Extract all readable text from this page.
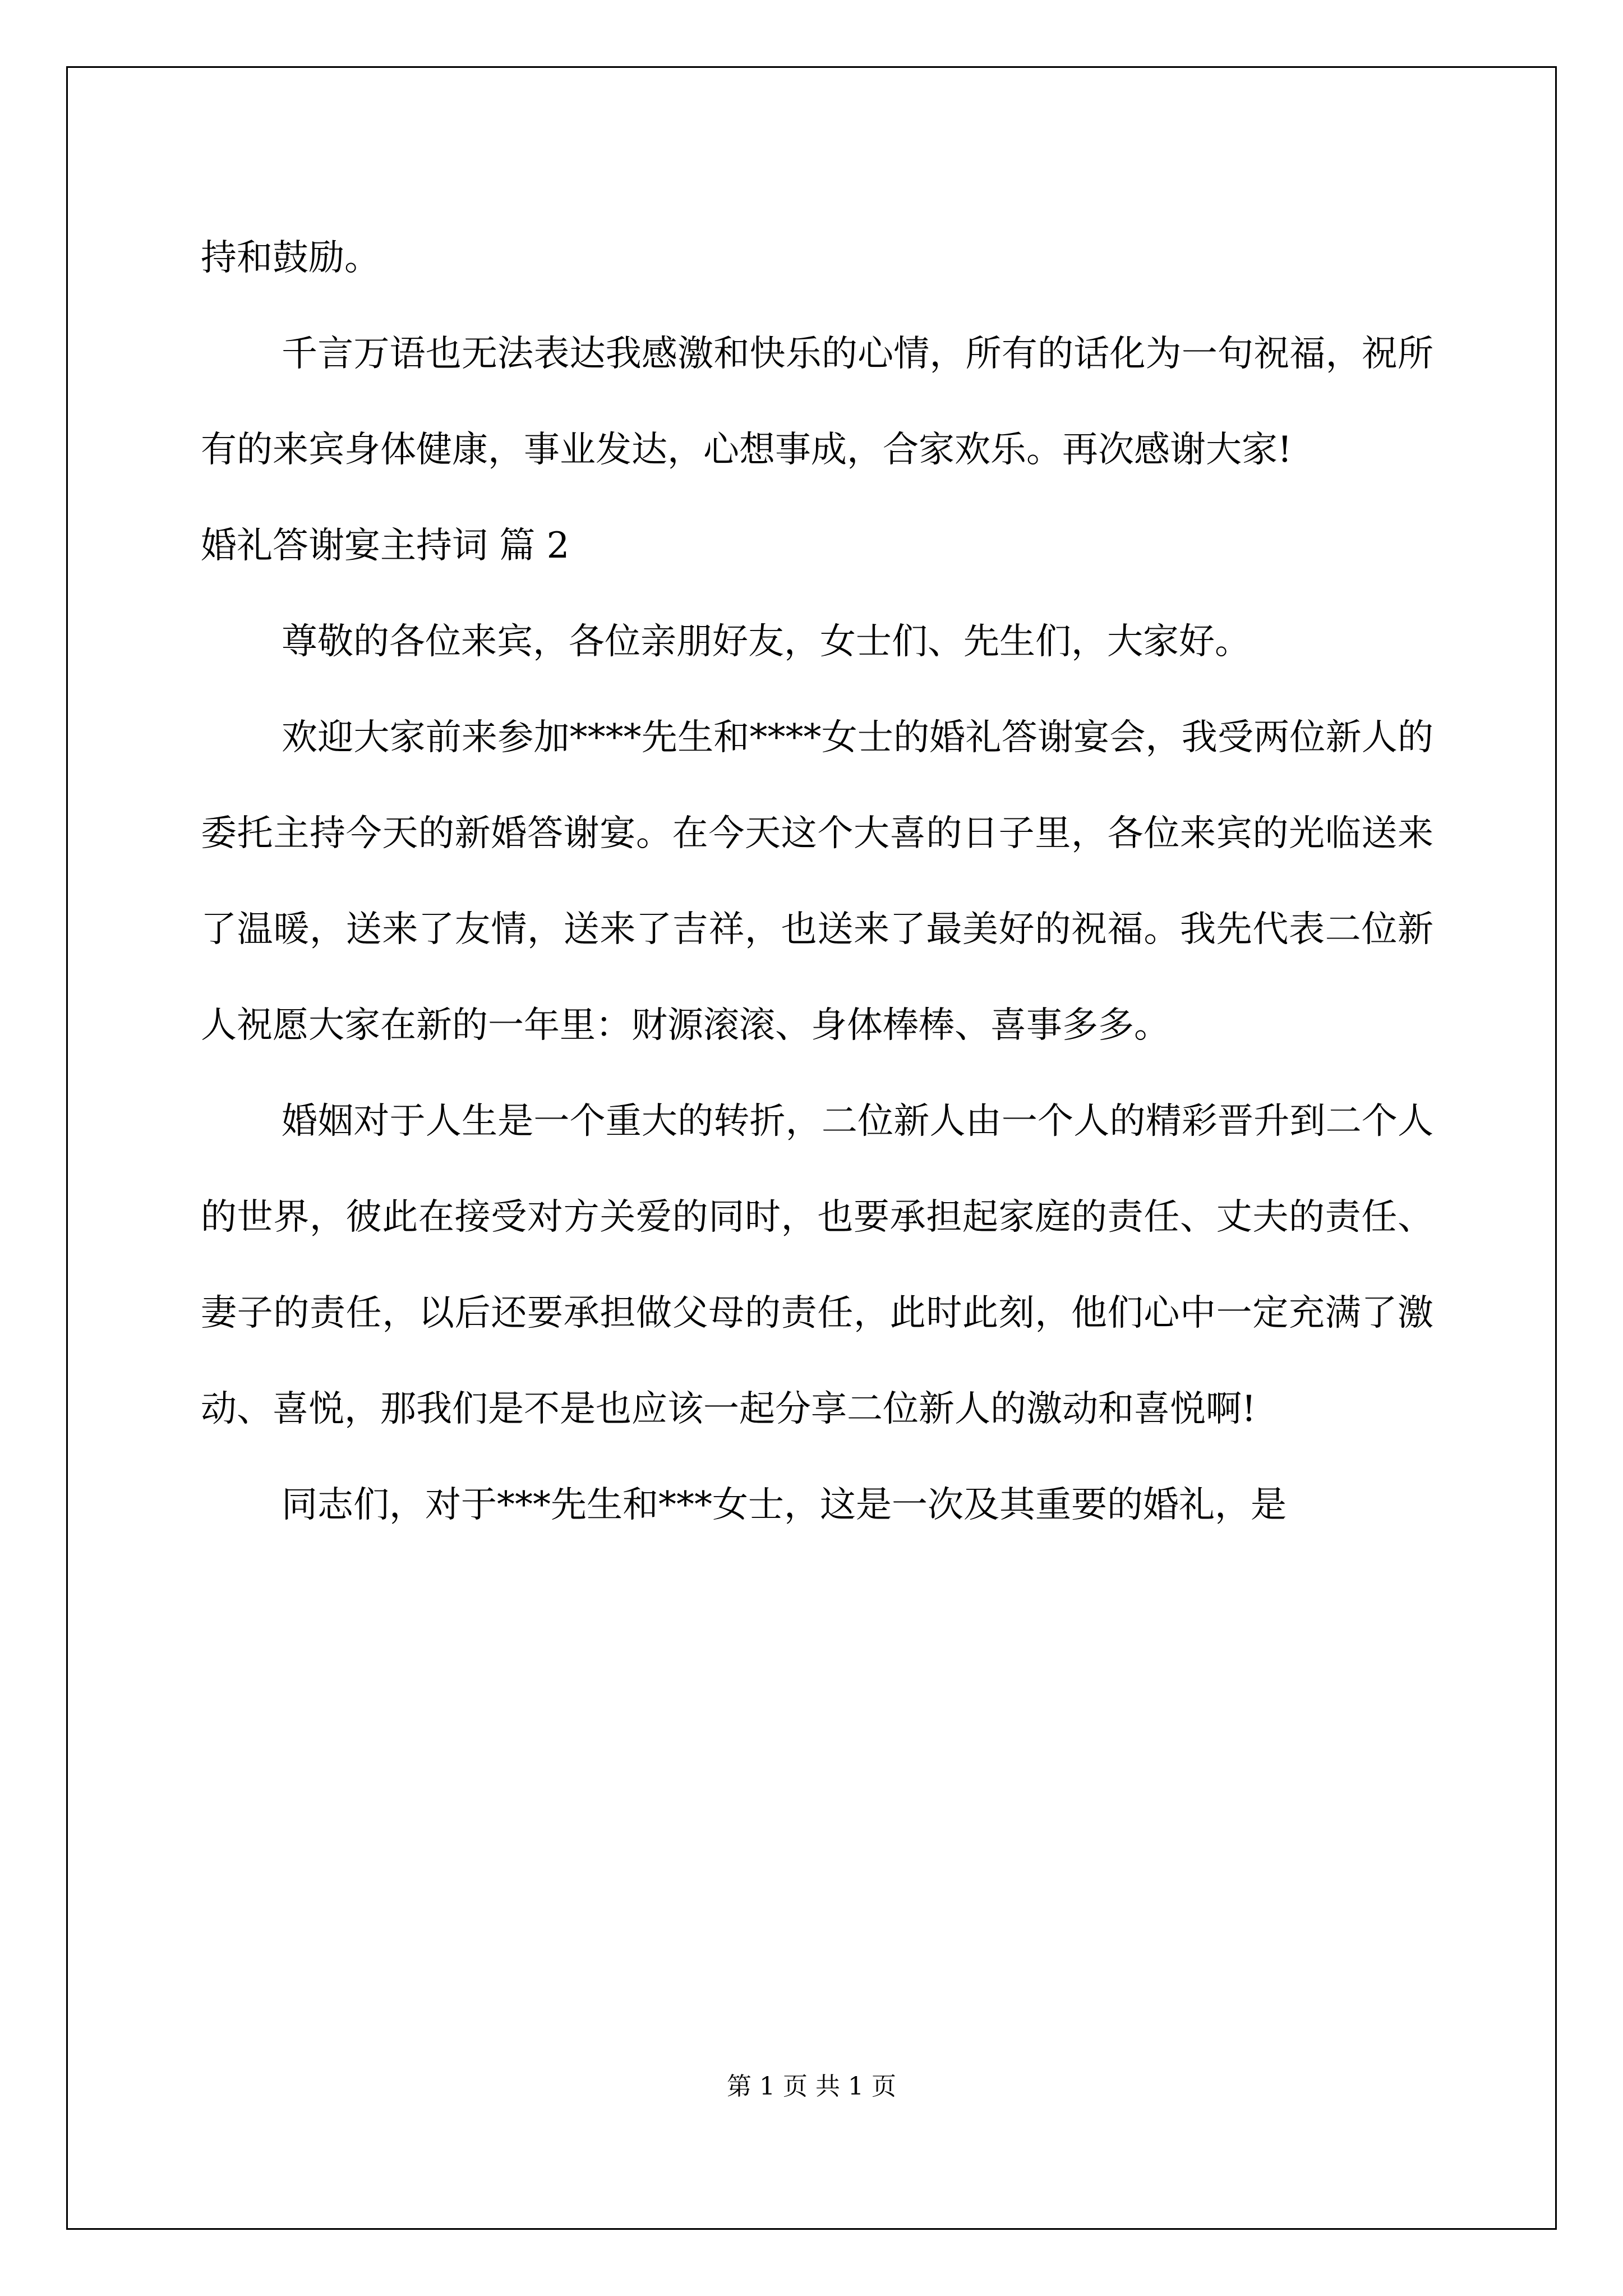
持和鼓励。

千言万语也无法表达我感激和快乐的心情，所有的话化为一句祝福，祝所有的来宾身体健康，事业发达，心想事成，合家欢乐。再次感谢大家!

婚礼答谢宴主持词 篇 2

尊敬的各位来宾，各位亲朋好友，女士们、先生们，大家好。

欢迎大家前来参加****先生和****女士的婚礼答谢宴会，我受两位新人的委托主持今天的新婚答谢宴。在今天这个大喜的日子里，各位来宾的光临送来了温暖，送来了友情，送来了吉祥，也送来了最美好的祝福。我先代表二位新人祝愿大家在新的一年里：财源滚滚、身体棒棒、喜事多多。

婚姻对于人生是一个重大的转折，二位新人由一个人的精彩晋升到二个人的世界，彼此在接受对方关爱的同时，也要承担起家庭的责任、丈夫的责任、妻子的责任，以后还要承担做父母的责任，此时此刻，他们心中一定充满了激动、喜悦，那我们是不是也应该一起分享二位新人的激动和喜悦啊!

同志们，对于***先生和***女士，这是一次及其重要的婚礼，是

第 1 页 共 1 页
